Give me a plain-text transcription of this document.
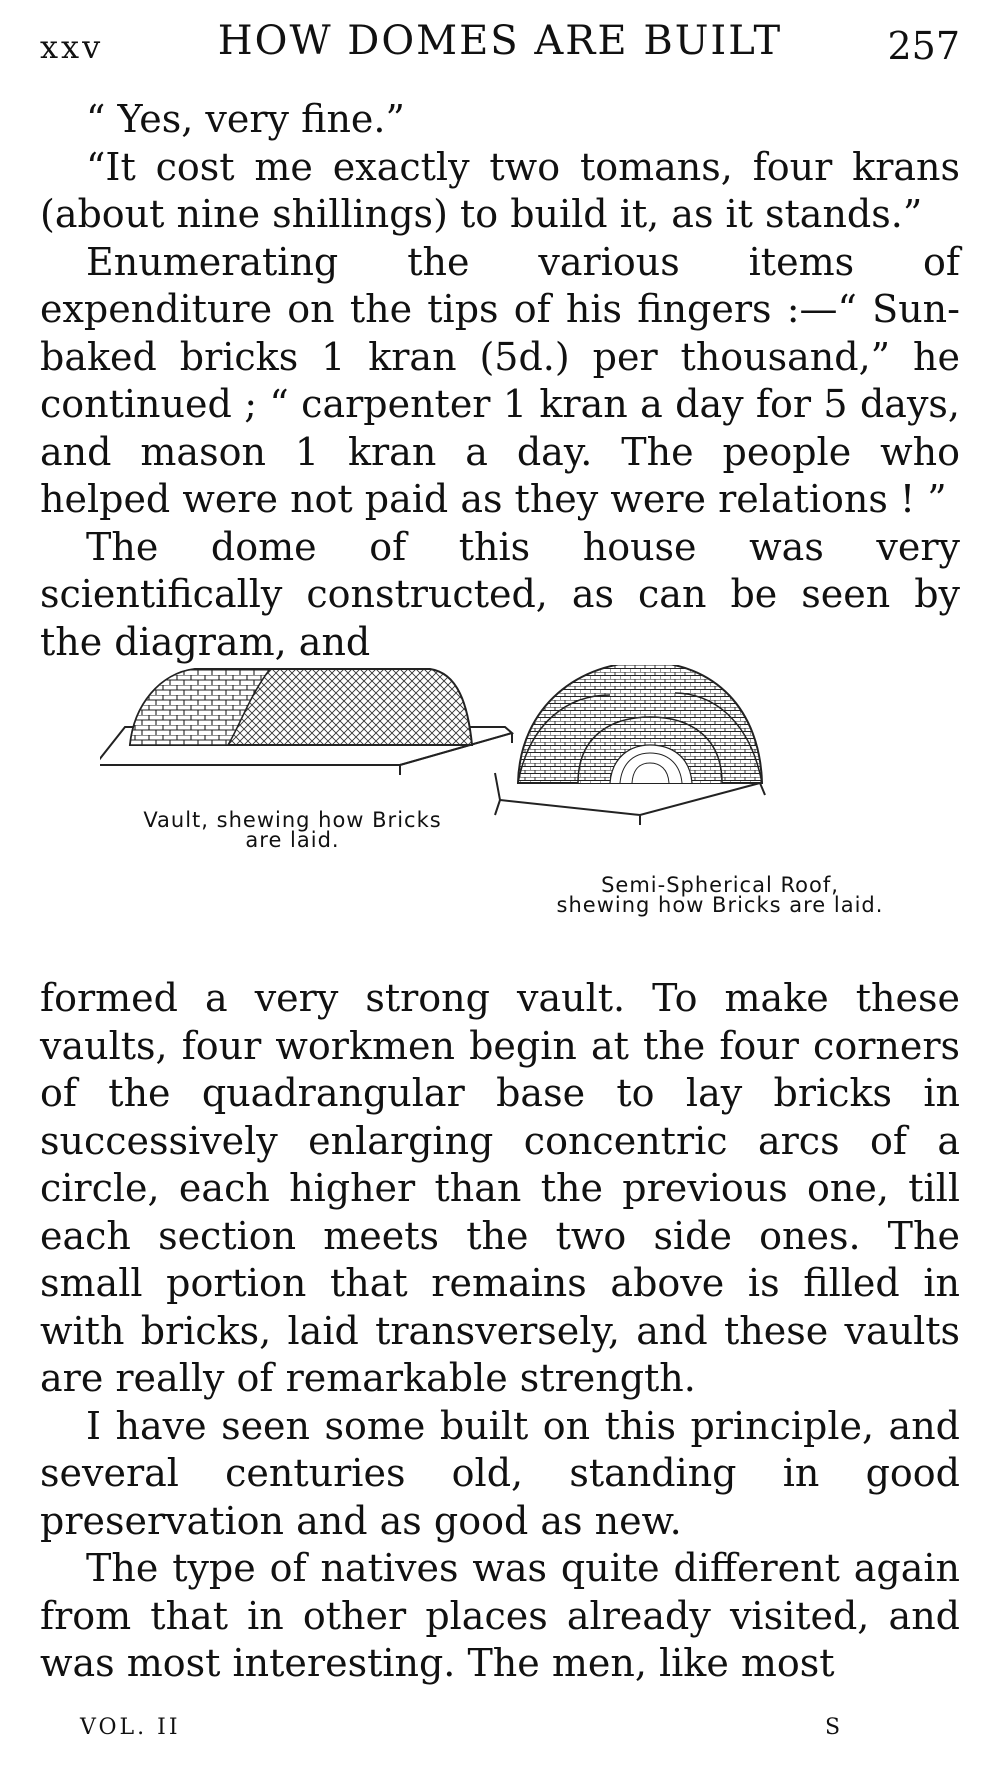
xxv	HOW DOMES ARE BUILT	257

“ Yes, very fine.”

“It cost me exactly two tomans, four krans (about nine shillings) to build it, as it stands.”

Enumerating the various items of expenditure on the tips of his fingers :—“ Sun-baked bricks 1 kran (5d.) per thousand,” he continued ; “ carpenter 1 kran a day for 5 days, and mason 1 kran a day. The people who helped were not paid as they were relations ! ”

The dome of this house was very scientifically constructed, as can be seen by the diagram, and

Vault, shewing how Bricks
are laid.
Semi-Spherical Roof,
shewing how Bricks are laid.

formed a very strong vault. To make these vaults, four workmen begin at the four corners of the quadrangular base to lay bricks in successively enlarging concentric arcs of a circle, each higher than the previous one, till each section meets the two side ones. The small portion that remains above is filled in with bricks, laid transversely, and these vaults are really of remarkable strength.

I have seen some built on this principle, and several centuries old, standing in good preservation and as good as new.

The type of natives was quite different again from that in other places already visited, and was most interesting. The men, like most

VOL. II	S
